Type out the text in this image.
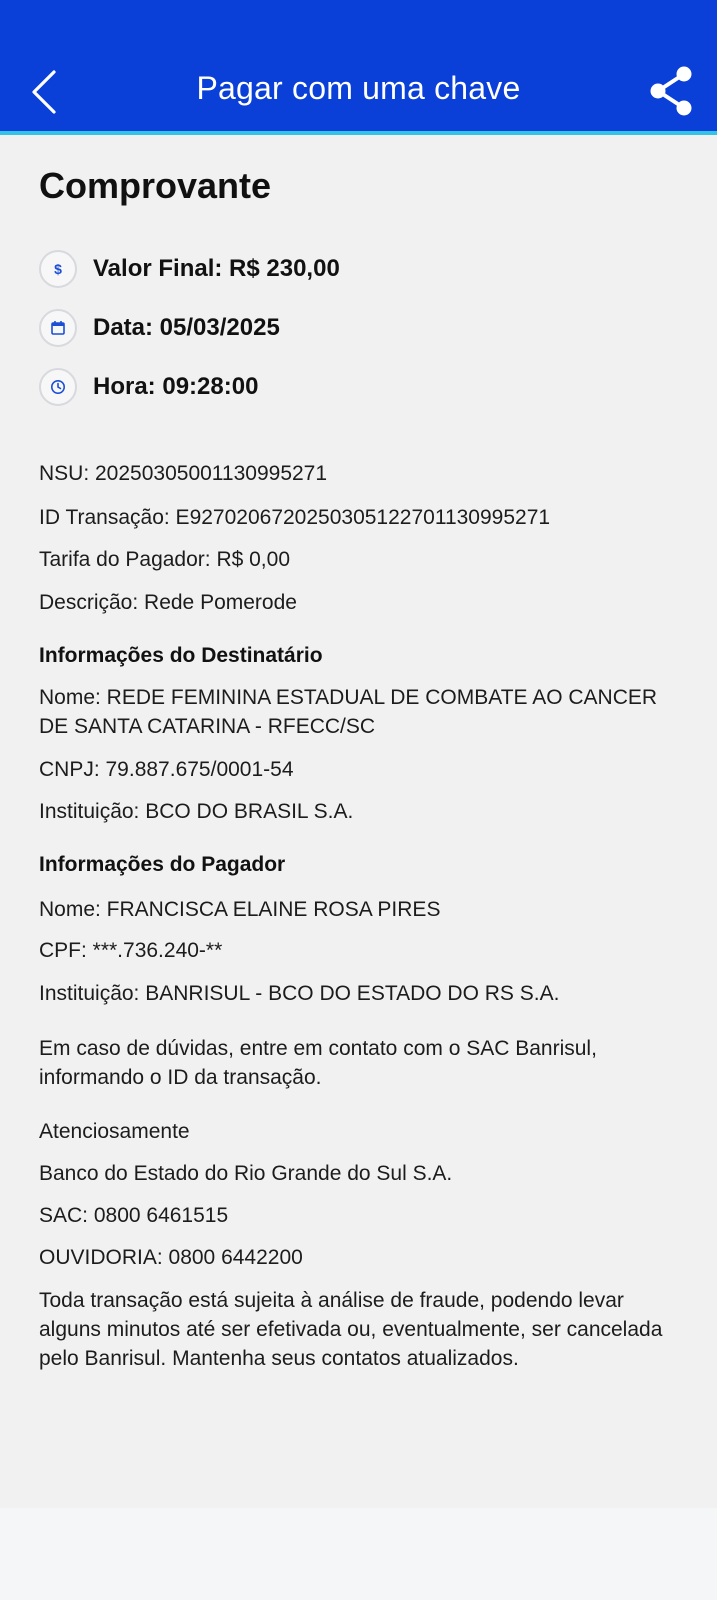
Pagar com uma chave
Comprovante
$	Valor Final: R$ 230,00
Data: 05/03/2025
Hora: 09:28:00
NSU: 20250305001130995271
ID Transação: E92702067202503051227011309952​71
Tarifa do Pagador: R$ 0,00
Descrição: Rede Pomerode
Informações do Destinatário
Nome: REDE FEMININA ESTADUAL DE COMBATE AO CANCER DE SANTA CATARINA - RFECC/SC
CNPJ: 79.887.675/0001-54
Instituição: BCO DO BRASIL S.A.
Informações do Pagador
Nome: FRANCISCA ELAINE ROSA PIRES
CPF: ***.736.240-**
Instituição: BANRISUL - BCO DO ESTADO DO RS S.A.
Em caso de dúvidas, entre em contato com o SAC Banrisul, informando o ID da transação.
Atenciosamente
Banco do Estado do Rio Grande do Sul S.A.
SAC: 0800 6461515
OUVIDORIA: 0800 6442200
Toda transação está sujeita à análise de fraude, podendo levar alguns minutos até ser efetivada ou, eventualmente, ser cancelada pelo Banrisul. Mantenha seus contatos atualizados.
